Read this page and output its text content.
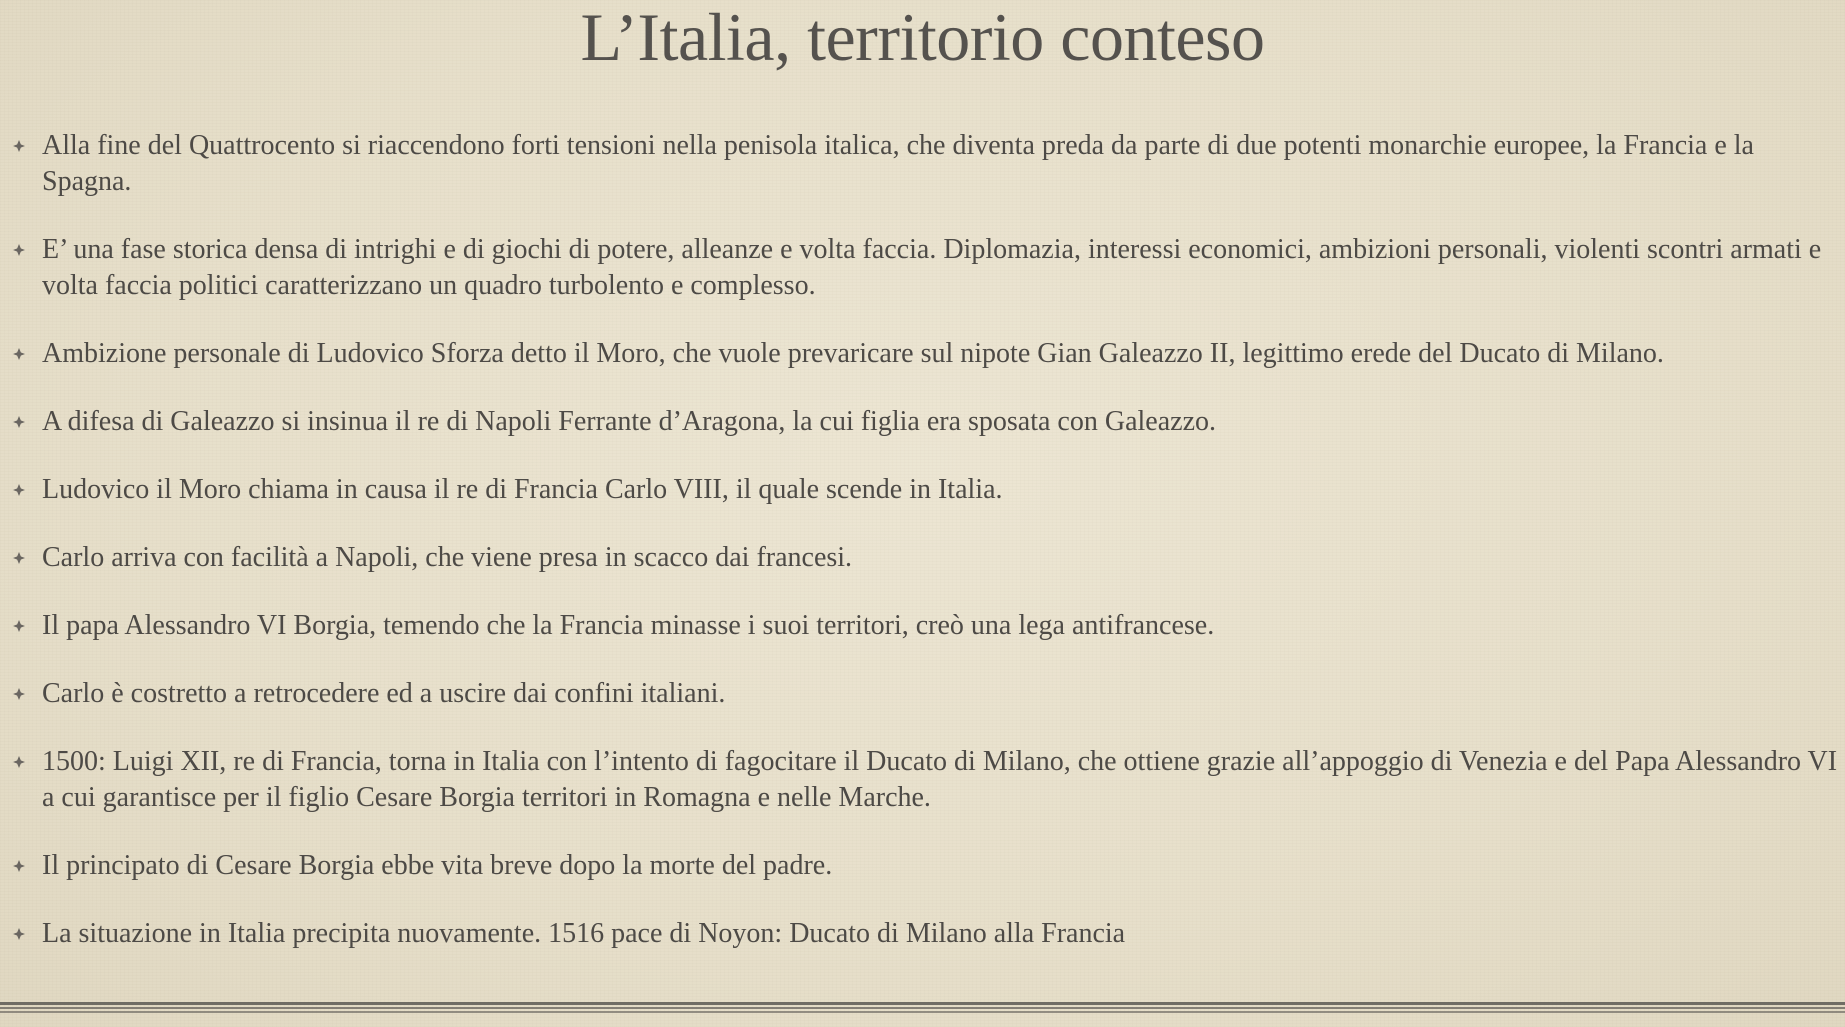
L’Italia, territorio conteso
Alla fine del Quattrocento si riaccendono forti tensioni nella penisola italica, che diventa preda da parte di due potenti monarchie europee, la Francia e la Spagna.
E’ una fase storica densa di intrighi e di giochi di potere, alleanze e volta faccia. Diplomazia, interessi economici, ambizioni personali, violenti scontri armati e volta faccia politici caratterizzano un quadro turbolento e complesso.
Ambizione personale di Ludovico Sforza detto il Moro, che vuole prevaricare sul nipote Gian Galeazzo II, legittimo erede del Ducato di Milano.
A difesa di Galeazzo si insinua il re di Napoli Ferrante d’Aragona, la cui figlia era sposata con Galeazzo.
Ludovico il Moro chiama in causa il re di Francia Carlo VIII, il quale scende in Italia.
Carlo arriva con facilità a Napoli, che viene presa in scacco dai francesi.
Il papa Alessandro VI Borgia, temendo che la Francia minasse i suoi territori, creò una lega antifrancese.
Carlo è costretto a retrocedere ed a uscire dai confini italiani.
1500: Luigi XII, re di Francia, torna in Italia con l’intento di fagocitare il Ducato di Milano, che ottiene grazie all’appoggio di Venezia e del Papa Alessandro VI a cui garantisce per il figlio Cesare Borgia territori in Romagna e nelle Marche.
Il principato di Cesare Borgia ebbe vita breve dopo la morte del padre.
La situazione in Italia precipita nuovamente. 1516 pace di Noyon: Ducato di Milano alla Francia
